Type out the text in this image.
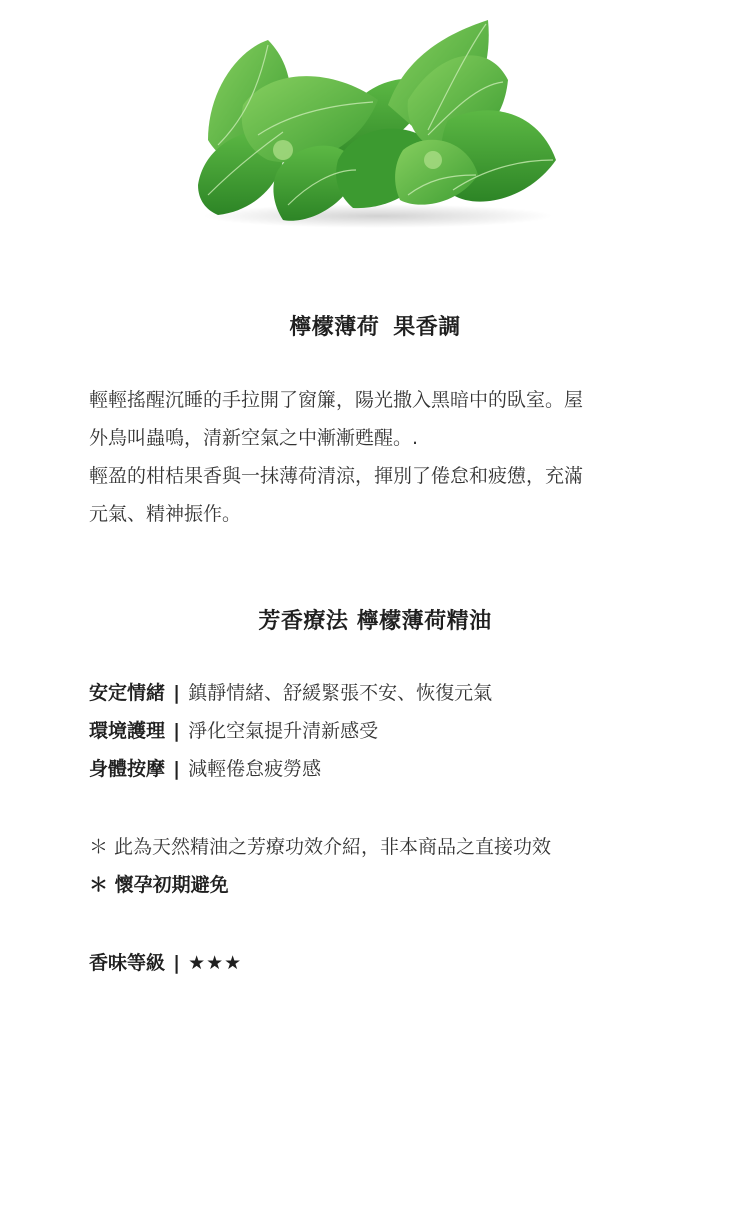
檸檬薄荷 果香調
輕輕搖醒沉睡的手拉開了窗簾，陽光撒入黑暗中的臥室。屋
外鳥叫蟲鳴，清新空氣之中漸漸甦醒。.
輕盈的柑桔果香與一抹薄荷清涼，揮別了倦怠和疲憊，充滿
元氣、精神振作。
芳香療法 檸檬薄荷精油
安定情緒 | 鎮靜情緒、舒緩緊張不安、恢復元氣
環境護理 | 淨化空氣提升清新感受
身體按摩 | 減輕倦怠疲勞感
＊ 此為天然精油之芳療功效介紹，非本商品之直接功效
＊ 懷孕初期避免
香味等級 | ★★★
